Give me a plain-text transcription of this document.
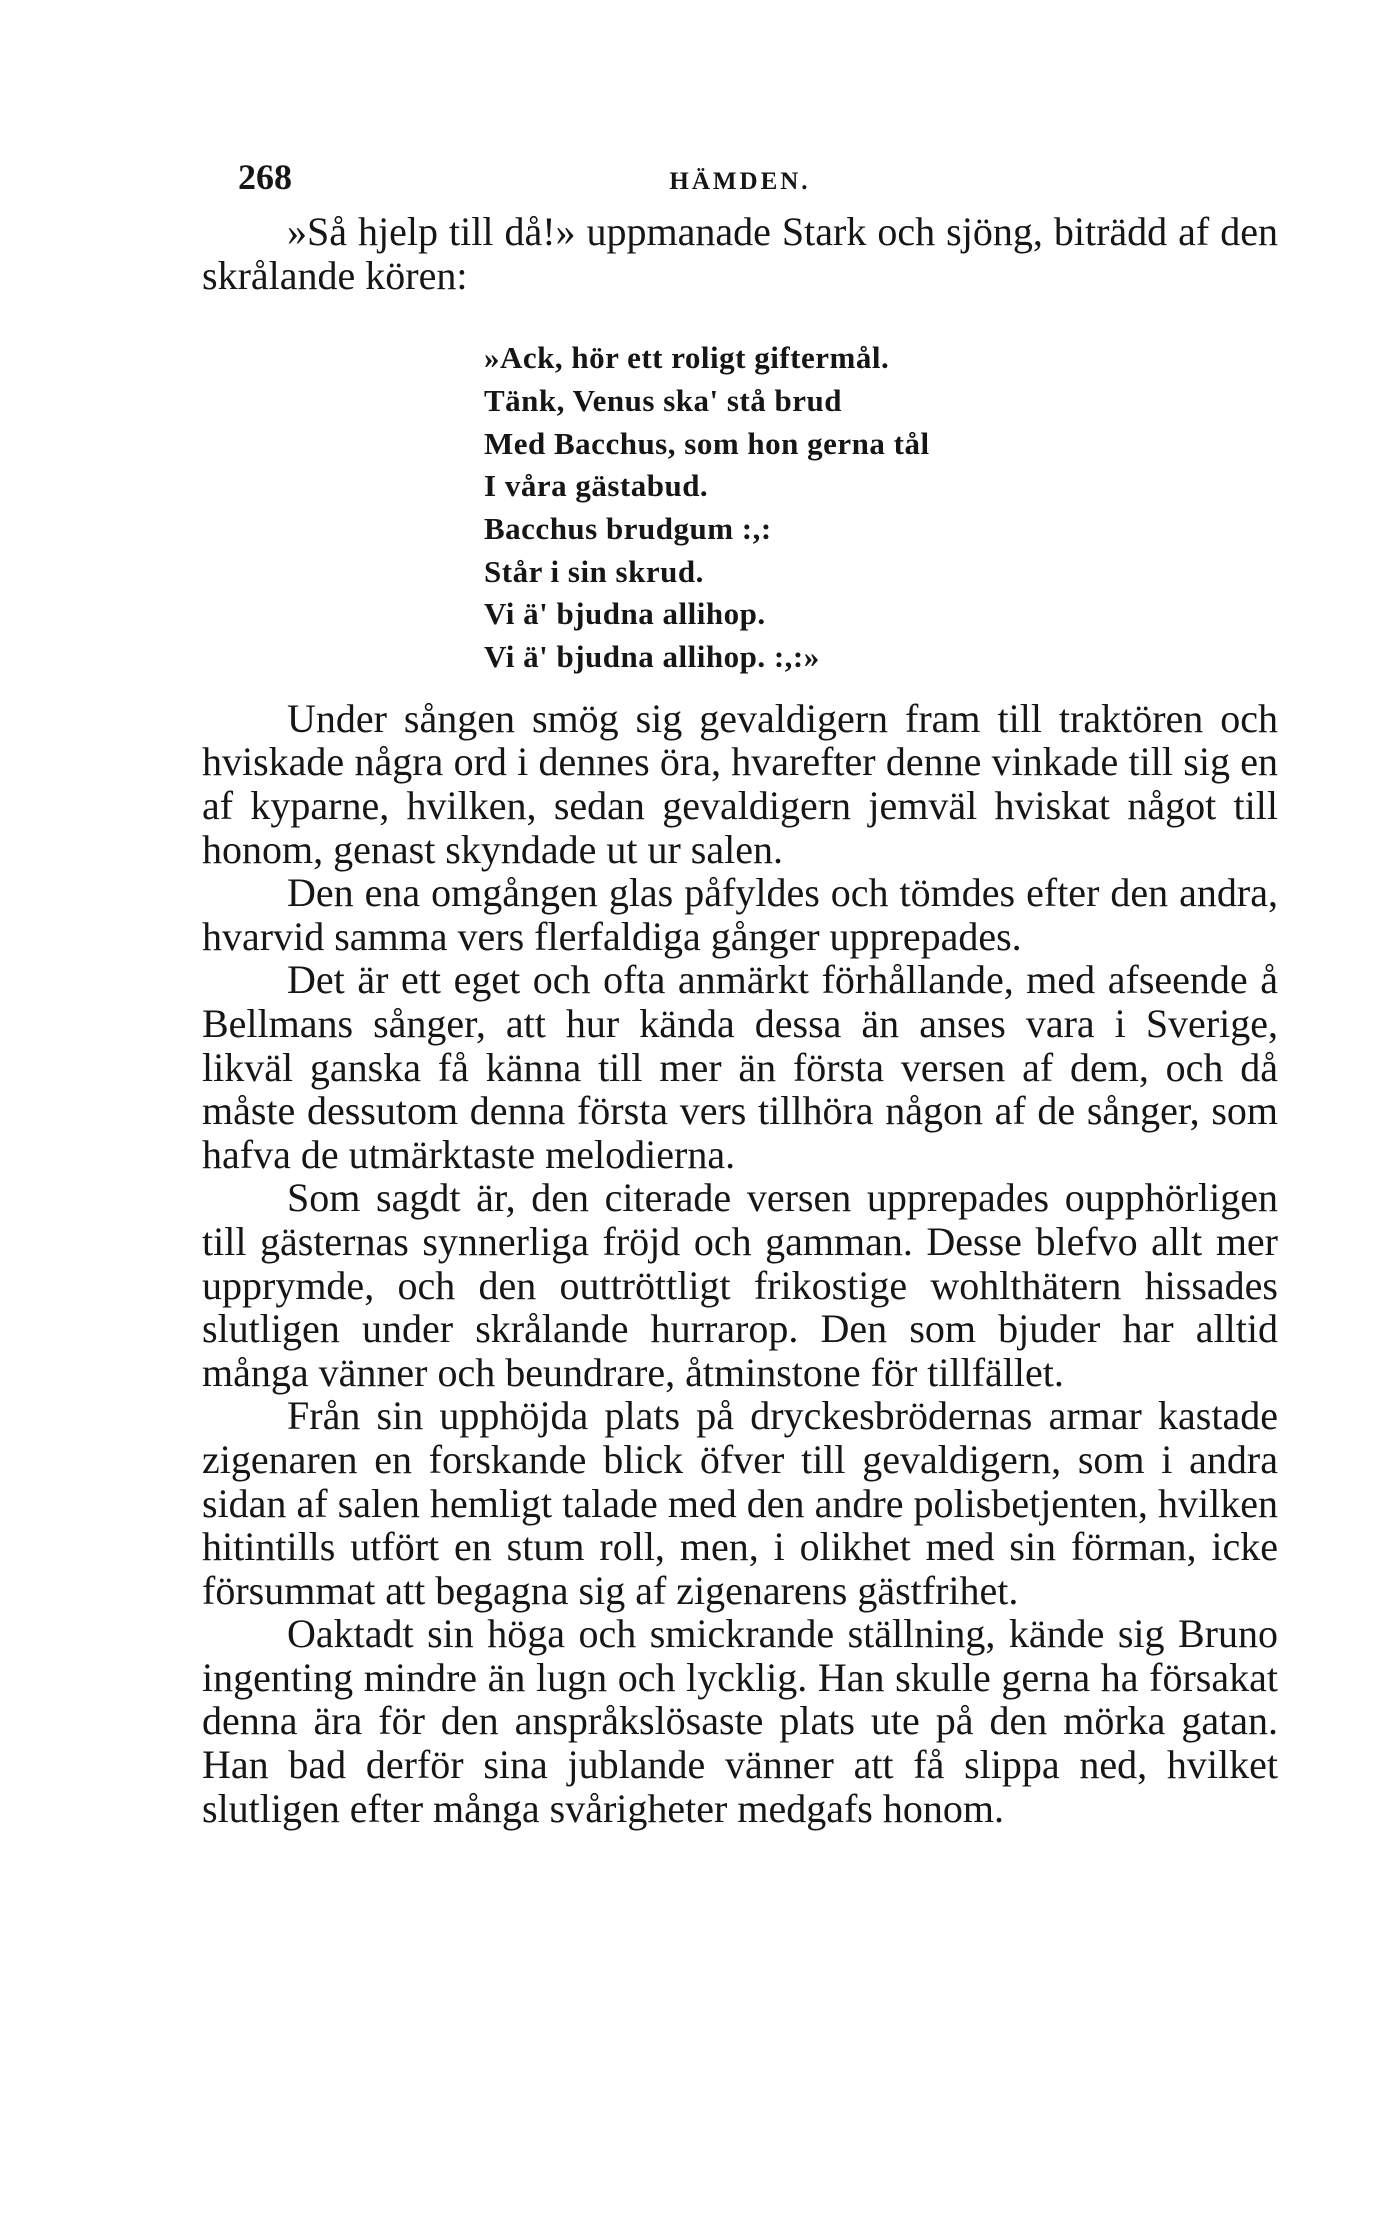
268	HÄMDEN.

»Så hjelp till då!» uppmanade Stark och sjöng, biträdd af den skrålande kören:

»Ack, hör ett roligt giftermål.
Tänk, Venus ska' stå brud
Med Bacchus, som hon gerna tål
I våra gästabud.
Bacchus brudgum :,:
Står i sin skrud.
Vi ä' bjudna allihop.
Vi ä' bjudna allihop. :,:»

Under sången smög sig gevaldigern fram till traktören och hviskade några ord i dennes öra, hvarefter denne vinkade till sig en af kyparne, hvilken, sedan gevaldigern jemväl hviskat något till honom, genast skyndade ut ur salen.

Den ena omgången glas påfyldes och tömdes efter den andra, hvarvid samma vers flerfaldiga gånger upprepades.

Det är ett eget och ofta anmärkt förhållande, med afseende å Bellmans sånger, att hur kända dessa än anses vara i Sverige, likväl ganska få känna till mer än första versen af dem, och då måste dessutom denna första vers tillhöra någon af de sånger, som hafva de utmärktaste melodierna.

Som sagdt är, den citerade versen upprepades oupphörligen till gästernas synnerliga fröjd och gamman. Desse blefvo allt mer upprymde, och den outtröttligt frikostige wohlthätern hissades slutligen under skrålande hurrarop. Den som bjuder har alltid många vänner och beundrare, åtminstone för tillfället.

Från sin upphöjda plats på dryckesbrödernas armar kastade zigenaren en forskande blick öfver till gevaldigern, som i andra sidan af salen hemligt talade med den andre polisbetjenten, hvilken hitintills utfört en stum roll, men, i olikhet med sin förman, icke försummat att begagna sig af zigenarens gästfrihet.

Oaktadt sin höga och smickrande ställning, kände sig Bruno ingenting mindre än lugn och lycklig. Han skulle gerna ha försakat denna ära för den anspråkslösaste plats ute på den mörka gatan. Han bad derför sina jublande vänner att få slippa ned, hvilket slutligen efter många svårigheter medgafs honom.
